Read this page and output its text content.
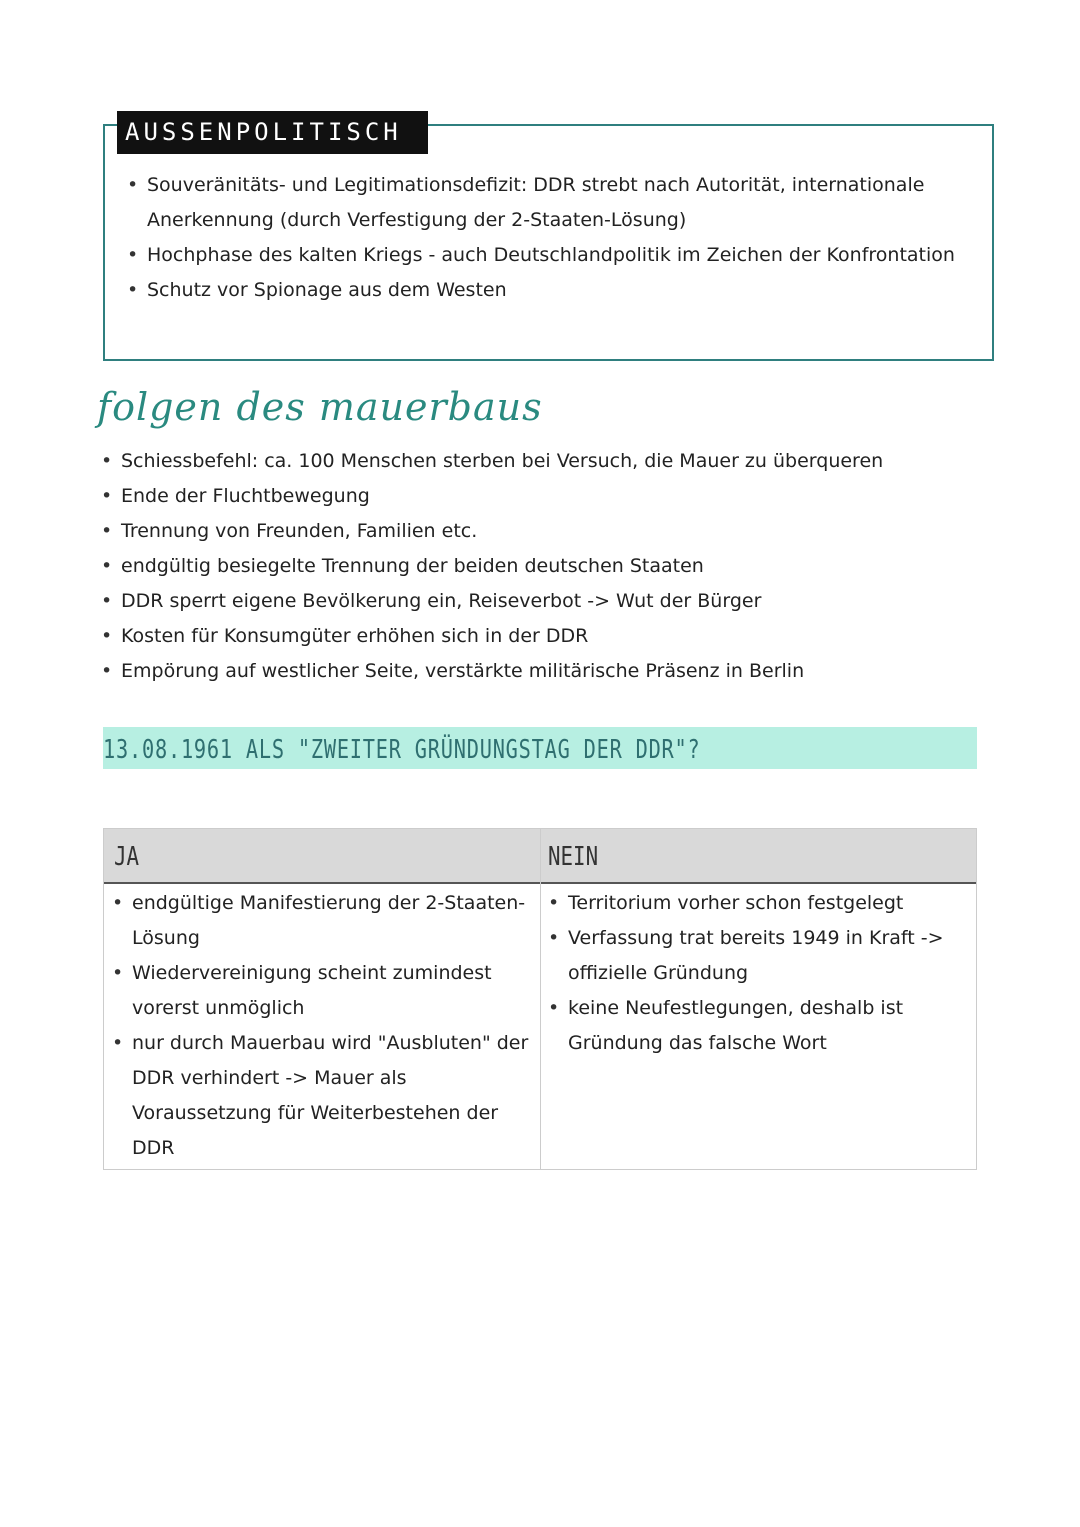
AUSSENPOLITISCH
• Souveränitäts- und Legitimationsdefizit: DDR strebt nach Autorität, internationale Anerkennung (durch Verfestigung der 2-Staaten-Lösung)
• Hochphase des kalten Kriegs - auch Deutschlandpolitik im Zeichen der Konfrontation
• Schutz vor Spionage aus dem Westen
folgen des mauerbaus
• Schiessbefehl: ca. 100 Menschen sterben bei Versuch, die Mauer zu überqueren
• Ende der Fluchtbewegung
• Trennung von Freunden, Familien etc.
• endgültig besiegelte Trennung der beiden deutschen Staaten
• DDR sperrt eigene Bevölkerung ein, Reiseverbot -> Wut der Bürger
• Kosten für Konsumgüter erhöhen sich in der DDR
• Empörung auf westlicher Seite, verstärkte militärische Präsenz in Berlin
13.08.1961 ALS "ZWEITER GRÜNDUNGSTAG DER DDR"?
JA	NEIN
• endgültige Manifestierung der 2-Staaten-Lösung
• Wiedervereinigung scheint zumindest vorerst unmöglich
• nur durch Mauerbau wird "Ausbluten" der DDR verhindert -> Mauer als Voraussetzung für Weiterbestehen der DDR
• Territorium vorher schon festgelegt
• Verfassung trat bereits 1949 in Kraft -> offizielle Gründung
• keine Neufestlegungen, deshalb ist Gründung das falsche Wort
